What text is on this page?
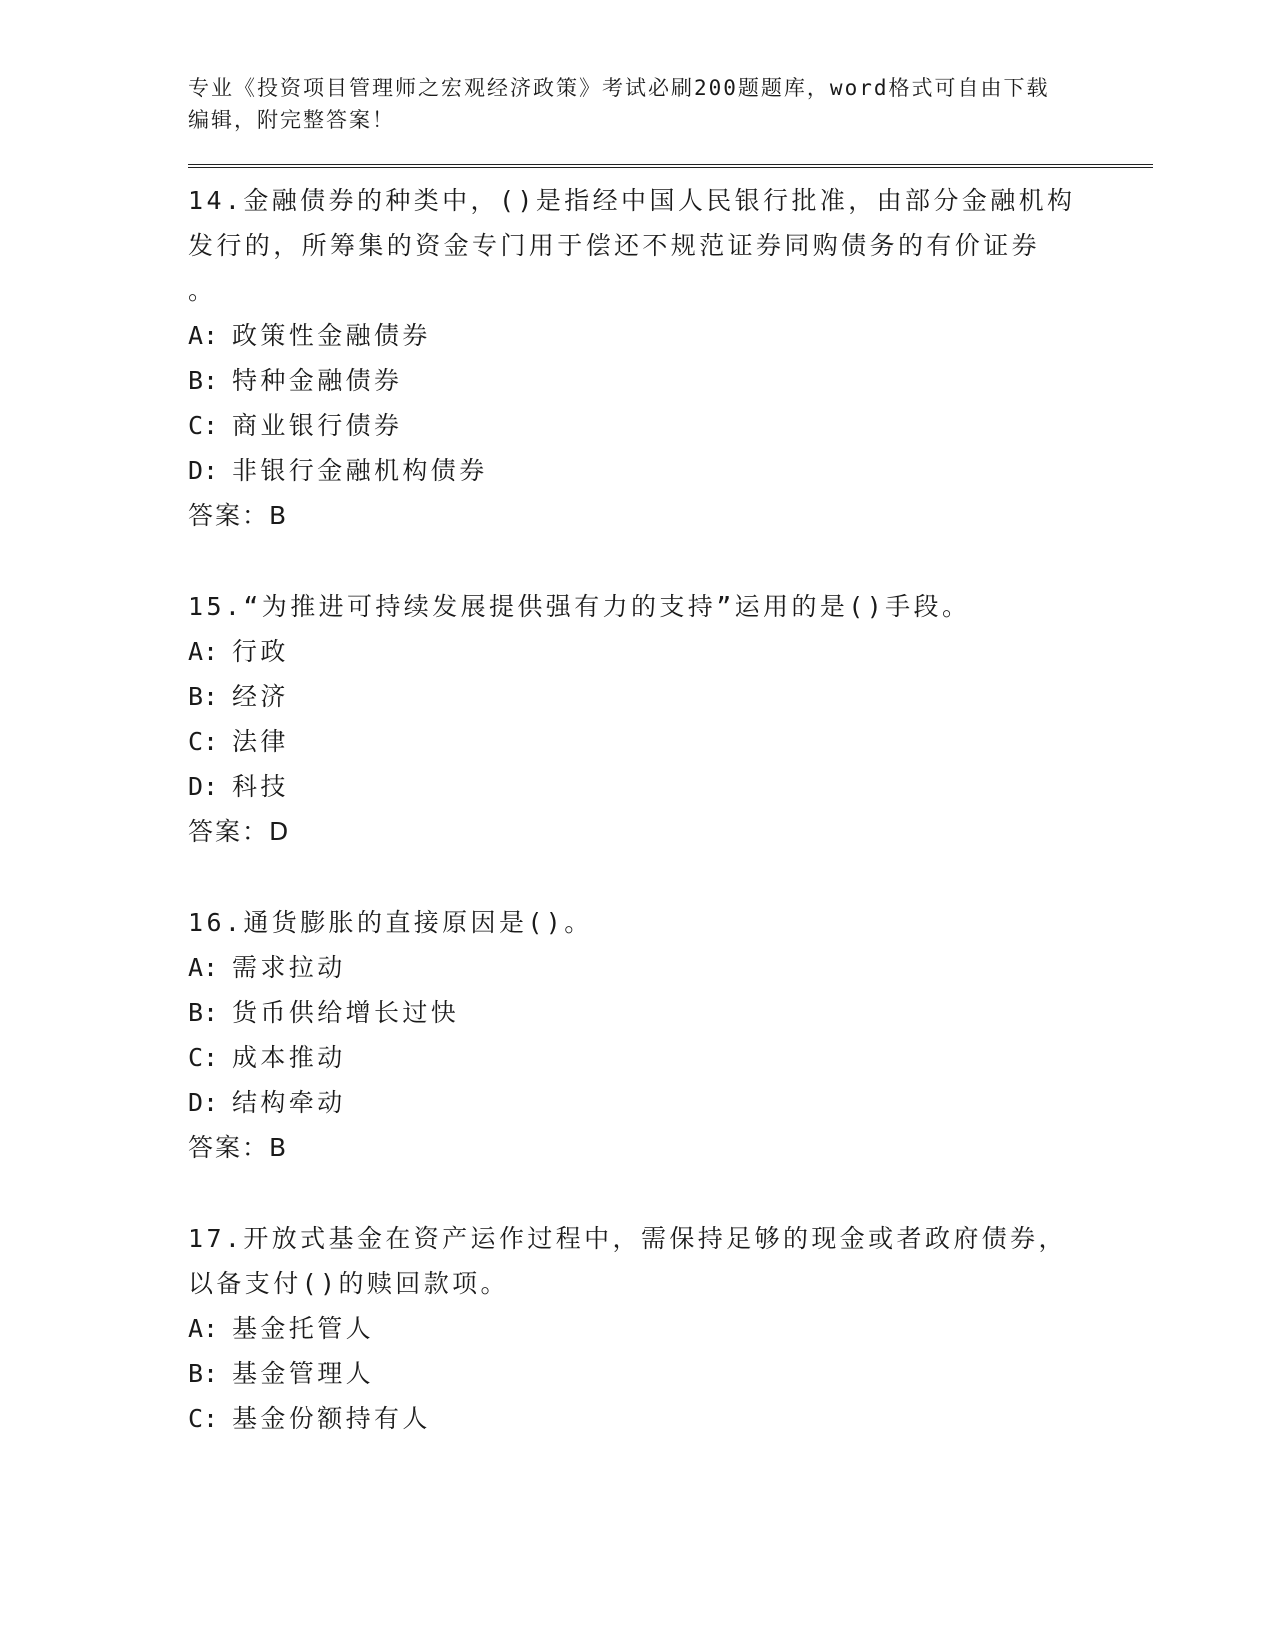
专业《投资项目管理师之宏观经济政策》考试必刷200题题库，word格式可自由下载编辑，附完整答案！
14.金融债券的种类中，()是指经中国人民银行批准，由部分金融机构
发行的，所筹集的资金专门用于偿还不规范证券同购债务的有价证券
。
A: 政策性金融债券
B: 特种金融债券
C: 商业银行债券
D: 非银行金融机构债券
答案：B
15.“为推进可持续发展提供强有力的支持”运用的是()手段。
A: 行政
B: 经济
C: 法律
D: 科技
答案：D
16.通货膨胀的直接原因是()。
A: 需求拉动
B: 货币供给增长过快
C: 成本推动
D: 结构牵动
答案：B
17.开放式基金在资产运作过程中，需保持足够的现金或者政府债券，
以备支付()的赎回款项。
A: 基金托管人
B: 基金管理人
C: 基金份额持有人
